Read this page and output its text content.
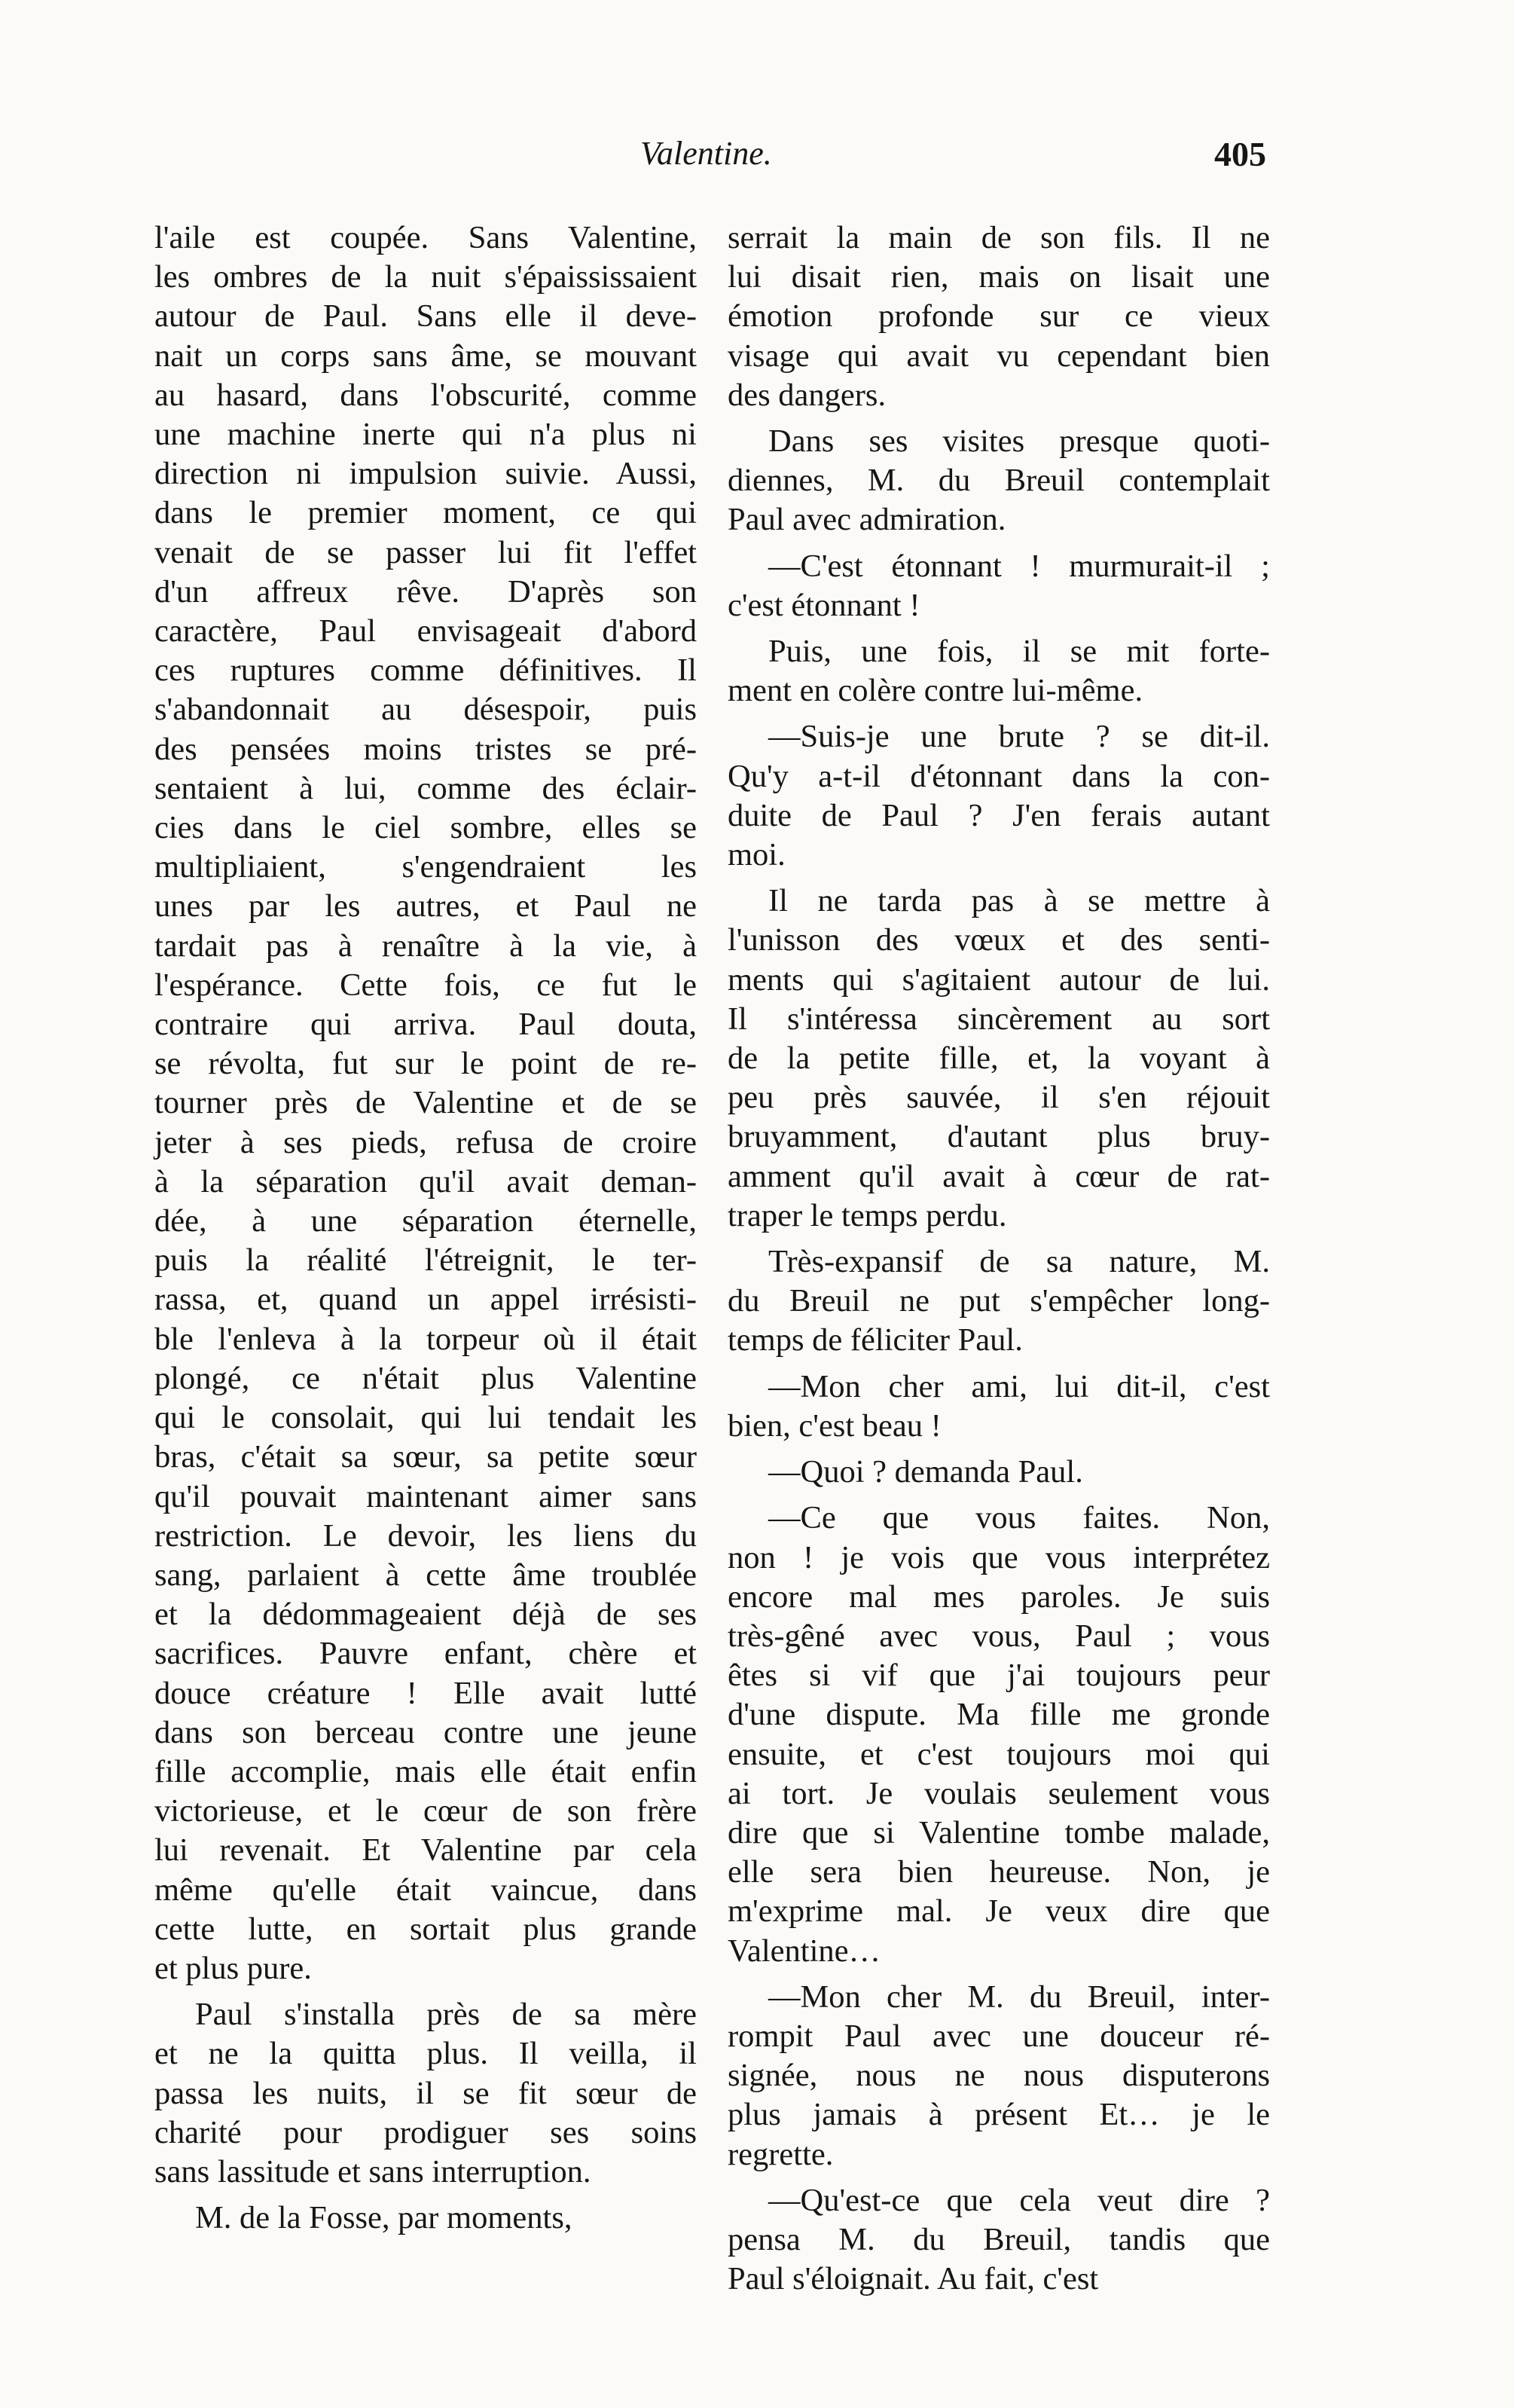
Valentine.	405
l'aile est coupée. Sans Valentine,
les ombres de la nuit s'épaississaient
autour de Paul. Sans elle il deve-
nait un corps sans âme, se mouvant
au hasard, dans l'obscurité, comme
une machine inerte qui n'a plus ni
direction ni impulsion suivie. Aussi,
dans le premier moment, ce qui
venait de se passer lui fit l'effet
d'un affreux rêve. D'après son
caractère, Paul envisageait d'abord
ces ruptures comme définitives. Il
s'abandonnait au désespoir, puis
des pensées moins tristes se pré-
sentaient à lui, comme des éclair-
cies dans le ciel sombre, elles se
multipliaient, s'engendraient les
unes par les autres, et Paul ne
tardait pas à renaître à la vie, à
l'espérance. Cette fois, ce fut le
contraire qui arriva. Paul douta,
se révolta, fut sur le point de re-
tourner près de Valentine et de se
jeter à ses pieds, refusa de croire
à la séparation qu'il avait deman-
dée, à une séparation éternelle,
puis la réalité l'étreignit, le ter-
rassa, et, quand un appel irrésisti-
ble l'enleva à la torpeur où il était
plongé, ce n'était plus Valentine
qui le consolait, qui lui tendait les
bras, c'était sa sœur, sa petite sœur
qu'il pouvait maintenant aimer sans
restriction. Le devoir, les liens du
sang, parlaient à cette âme troublée
et la dédommageaient déjà de ses
sacrifices. Pauvre enfant, chère et
douce créature ! Elle avait lutté
dans son berceau contre une jeune
fille accomplie, mais elle était enfin
victorieuse, et le cœur de son frère
lui revenait. Et Valentine par cela
même qu'elle était vaincue, dans
cette lutte, en sortait plus grande
et plus pure.
Paul s'installa près de sa mère
et ne la quitta plus. Il veilla, il
passa les nuits, il se fit sœur de
charité pour prodiguer ses soins
sans lassitude et sans interruption.
M. de la Fosse, par moments,
serrait la main de son fils. Il ne
lui disait rien, mais on lisait une
émotion profonde sur ce vieux
visage qui avait vu cependant bien
des dangers.
Dans ses visites presque quoti-
diennes, M. du Breuil contemplait
Paul avec admiration.
—C'est étonnant ! murmurait-il ;
c'est étonnant !
Puis, une fois, il se mit forte-
ment en colère contre lui-même.
—Suis-je une brute ? se dit-il.
Qu'y a-t-il d'étonnant dans la con-
duite de Paul ? J'en ferais autant
moi.
Il ne tarda pas à se mettre à
l'unisson des vœux et des senti-
ments qui s'agitaient autour de lui.
Il s'intéressa sincèrement au sort
de la petite fille, et, la voyant à
peu près sauvée, il s'en réjouit
bruyamment, d'autant plus bruy-
amment qu'il avait à cœur de rat-
traper le temps perdu.
Très-expansif de sa nature, M.
du Breuil ne put s'empêcher long-
temps de féliciter Paul.
—Mon cher ami, lui dit-il, c'est
bien, c'est beau !
—Quoi ? demanda Paul.
—Ce que vous faites. Non,
non ! je vois que vous interprétez
encore mal mes paroles. Je suis
très-gêné avec vous, Paul ; vous
êtes si vif que j'ai toujours peur
d'une dispute. Ma fille me gronde
ensuite, et c'est toujours moi qui
ai tort. Je voulais seulement vous
dire que si Valentine tombe malade,
elle sera bien heureuse. Non, je
m'exprime mal. Je veux dire que
Valentine…
—Mon cher M. du Breuil, inter-
rompit Paul avec une douceur ré-
signée, nous ne nous disputerons
plus jamais à présent Et… je le
regrette.
—Qu'est-ce que cela veut dire ?
pensa M. du Breuil, tandis que
Paul s'éloignait. Au fait, c'est
